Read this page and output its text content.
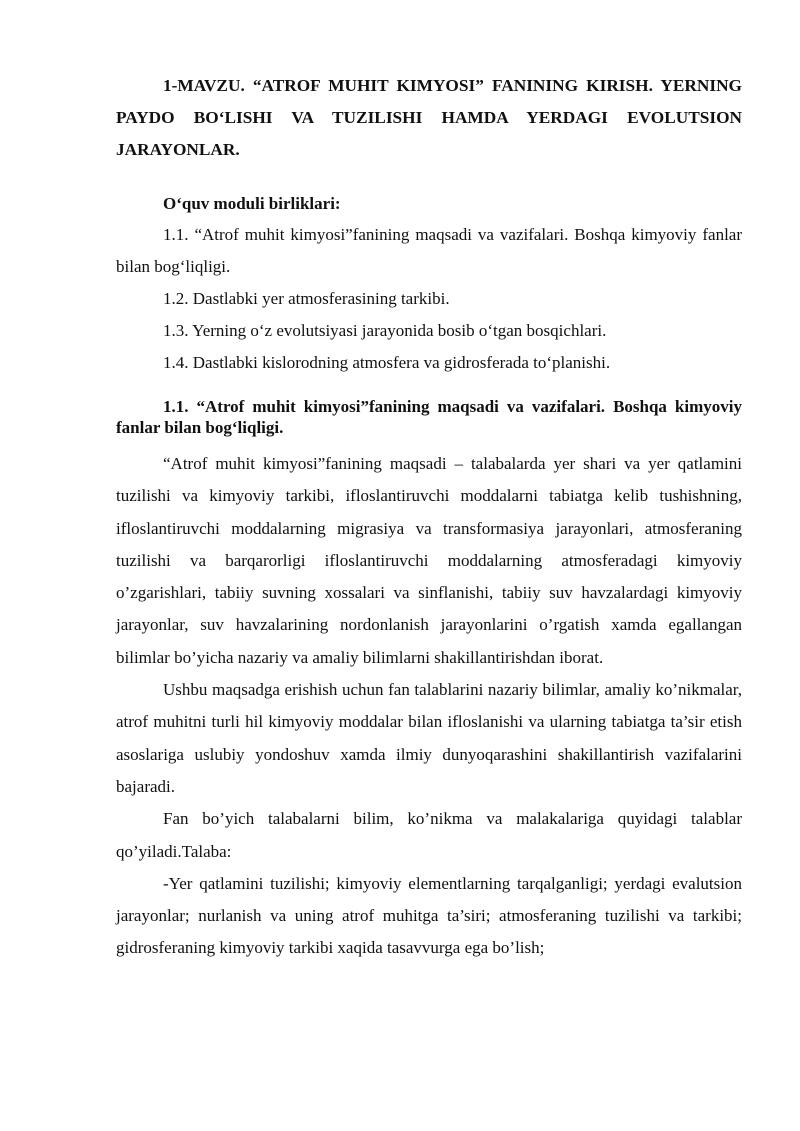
1-MAVZU. “ATROF MUHIT KIMYOSI” FANINING KIRISH. YERNING PAYDO BOʻLISHI VA TUZILISHI HAMDA YERDAGI EVOLUTSION JARAYONLAR.

Oʻquv moduli birliklari:

1.1. “Atrof muhit kimyosi”fanining maqsadi va vazifalari. Boshqa kimyoviy fanlar bilan bogʻliqligi.

1.2. Dastlabki yer atmosferasining tarkibi.

1.3. Yerning oʻz evolutsiyasi jarayonida bosib oʻtgan bosqichlari.

1.4. Dastlabki kislorodning atmosfera va gidrosferada toʻplanishi.

1.1. “Atrof muhit kimyosi”fanining maqsadi va vazifalari. Boshqa kimyoviy fanlar bilan bogʻliqligi.

“Atrof muhit kimyosi”fanining maqsadi – talabalarda yer shari va yer qatlamini tuzilishi va kimyoviy tarkibi, ifloslantiruvchi moddalarni tabiatga kelib tushishning, ifloslantiruvchi moddalarning migrasiya va transformasiya jarayonlari, atmosferaning tuzilishi va barqarorligi ifloslantiruvchi moddalarning atmosferadagi kimyoviy o’zgarishlari, tabiiy suvning xossalari va sinflanishi, tabiiy suv havzalardagi kimyoviy jarayonlar, suv havzalarining nordonlanish jarayonlarini o’rgatish xamda egallangan bilimlar bo’yicha nazariy va amaliy bilimlarni shakillantirishdan iborat.

Ushbu maqsadga erishish uchun fan talablarini nazariy bilimlar, amaliy ko’nikmalar, atrof muhitni turli hil kimyoviy moddalar bilan ifloslanishi va ularning tabiatga ta’sir etish asoslariga uslubiy yondoshuv xamda ilmiy dunyoqarashini shakillantirish vazifalarini bajaradi.

Fan bo’yich talabalarni bilim, ko’nikma va malakalariga quyidagi talablar qo’yiladi.Talaba:

-Yer qatlamini tuzilishi; kimyoviy elementlarning tarqalganligi; yerdagi evalutsion jarayonlar; nurlanish va uning atrof muhitga ta’siri; atmosferaning tuzilishi va tarkibi; gidrosferaning kimyoviy tarkibi xaqida tasavvurga ega bo’lish;
